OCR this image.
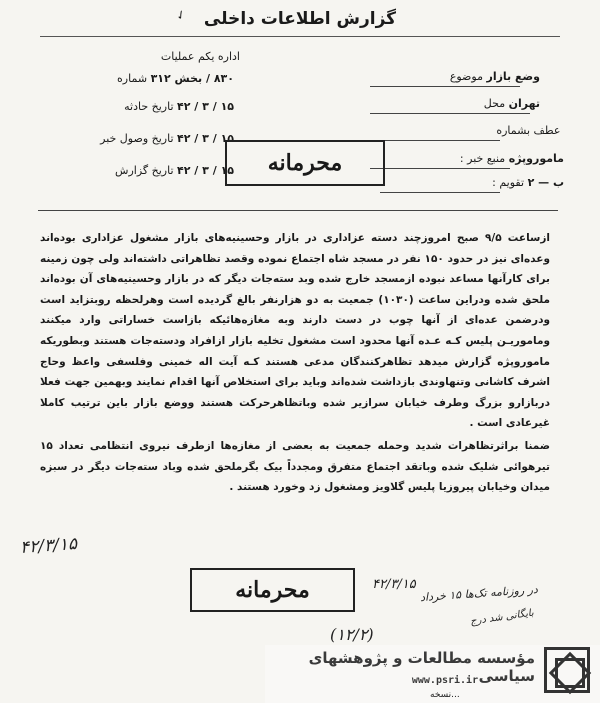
✓ گزارش اطلاعات داخلی
اداره یکم عملیات
شماره ۸۳۰ / بخش ۳۱۲
تاریخ حادثه ۱۵ / ۳ / ۴۲
تاریخ وصول خبر ۱۵ / ۳ / ۴۲
تاریخ گزارش ۱۵ / ۳ / ۴۲
موضوع وضع بازار
محل تهران
عطف بشماره
منبع خبر : ماموروپژه
تقویم : ب — ۲
محرمانه

ازساعت ۹/۵ صبح امروزچند دسته عزاداری در بازار وحسینیه‌های بازار مشغول عزاداری بوده‌اند وعده‌ای نیز در حدود ۱۵۰ نفر در مسجد شاه اجتماع نموده وقصد تظاهراتی داشته‌اند ولی چون زمینه برای کارآنها مساعد نبوده ازمسجد خارج شده وبد سته‌جات دیگر که در بازار وحسینیه‌های آن بوده‌اند ملحق شده ودراین ساعت (۱۰۳۰) جمعیت به دو هزارنفر بالغ گردیده است وهرلحظه روبتزاید است ودرضمن عده‌ای از آنها چوب در دست دارند وبه مغازه‌هائیکه بازاست خساراتی وارد میکنند وماموریـن پلیس کـه عـده آنها محدود است مشغول تخلیه بازار ازافراد ودسته‌جات هستند وبطوریکه ماموروپژه گزارش میدهد تظاهرکنندگان مدعی هستند کـه آیت اله خمینی وفلسفی واعظ وحاج اشرف کاشانی وتنهاوندی بازداشت شده‌اند وباید برای استخلاص آنها اقدام نمایند وبهمین جهت فعلا دربازارو بزرگ وطرف خیابان سرازیر شده وباتظاهرحرکت هستند ووضع بازار باین ترتیب کاملا غیرعادی است .

ضمنا براثرتظاهرات شدید وحمله جمعیت به بعضی از مغازه‌ها ازطرف نیروی انتظامی تعداد ۱۵ تیرهوائی شلیک شده وباتقد اجتماع متفرق ومجدداً بیک بگرملحق شده وباد سته‌جات دیگر در سبزه میدان وخیابان پیروزیا پلیس گلاویز ومشغول زد وخورد هستند .

۴۲/۳/۱۵
۴۲/۳/۱۵
در روزنامه تک‌ها ۱۵ خرداد
بایگانی شد درج
(۱۲/۲)
محرمانه
مؤسسه مطالعات و پژوهشهای سیاسی
www.psri.ir
...نسخه
